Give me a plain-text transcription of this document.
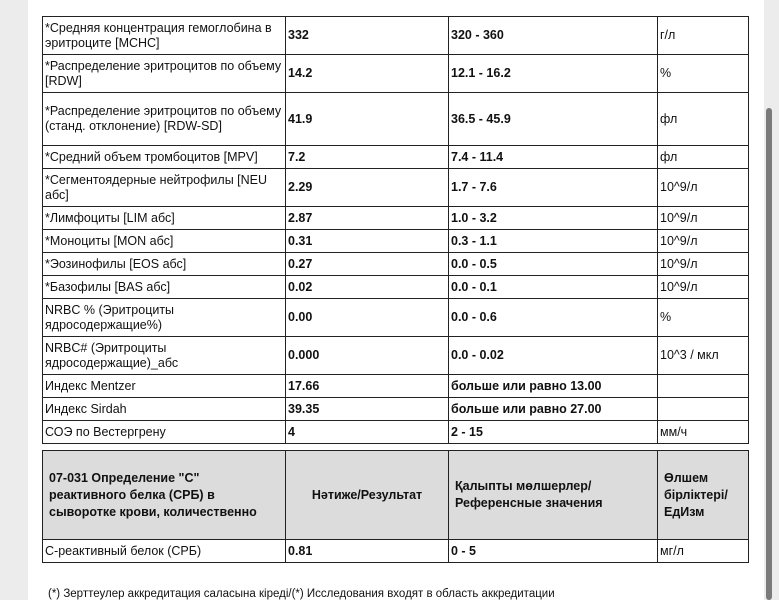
*Средняя концентрация гемоглобина в эритроците [MCHC]	332	320 - 360	г/л
*Распределение эритроцитов по объему [RDW]	14.2	12.1 - 16.2	%
*Распределение эритроцитов по объему (станд. отклонение) [RDW-SD]	41.9	36.5 - 45.9	фл
*Средний объем тромбоцитов [MPV]	7.2	7.4 - 11.4	фл
*Сегментоядерные нейтрофилы [NEU абс]	2.29	1.7 - 7.6	10^9/л
*Лимфоциты [LIM абс]	2.87	1.0 - 3.2	10^9/л
*Моноциты [MON абс]	0.31	0.3 - 1.1	10^9/л
*Эозинофилы [EOS абс]	0.27	0.0 - 0.5	10^9/л
*Базофилы [BAS абс]	0.02	0.0 - 0.1	10^9/л
NRBC % (Эритроциты ядросодержащие%)	0.00	0.0 - 0.6	%
NRBC# (Эритроциты ядросодержащие)_абс	0.000	0.0 - 0.02	10^3 / мкл
Индекс Mentzer	17.66	больше или равно 13.00	
Индекс Sirdah	39.35	больше или равно 27.00	
СОЭ по Вестергрену	4	2 - 15	мм/ч

07-031 Определение "С" реактивного белка (СРБ) в сыворотке крови, количественно	Нәтиже/Результат	Қалыпты мөлшерлер/Референсные значения	Өлшем бірліктері/ ЕдИзм
С-реактивный белок (СРБ)	0.81	0 - 5	мг/л
(*) Зерттеулер аккредитация саласына кіреді/(*) Исследования входят в область аккредитации
